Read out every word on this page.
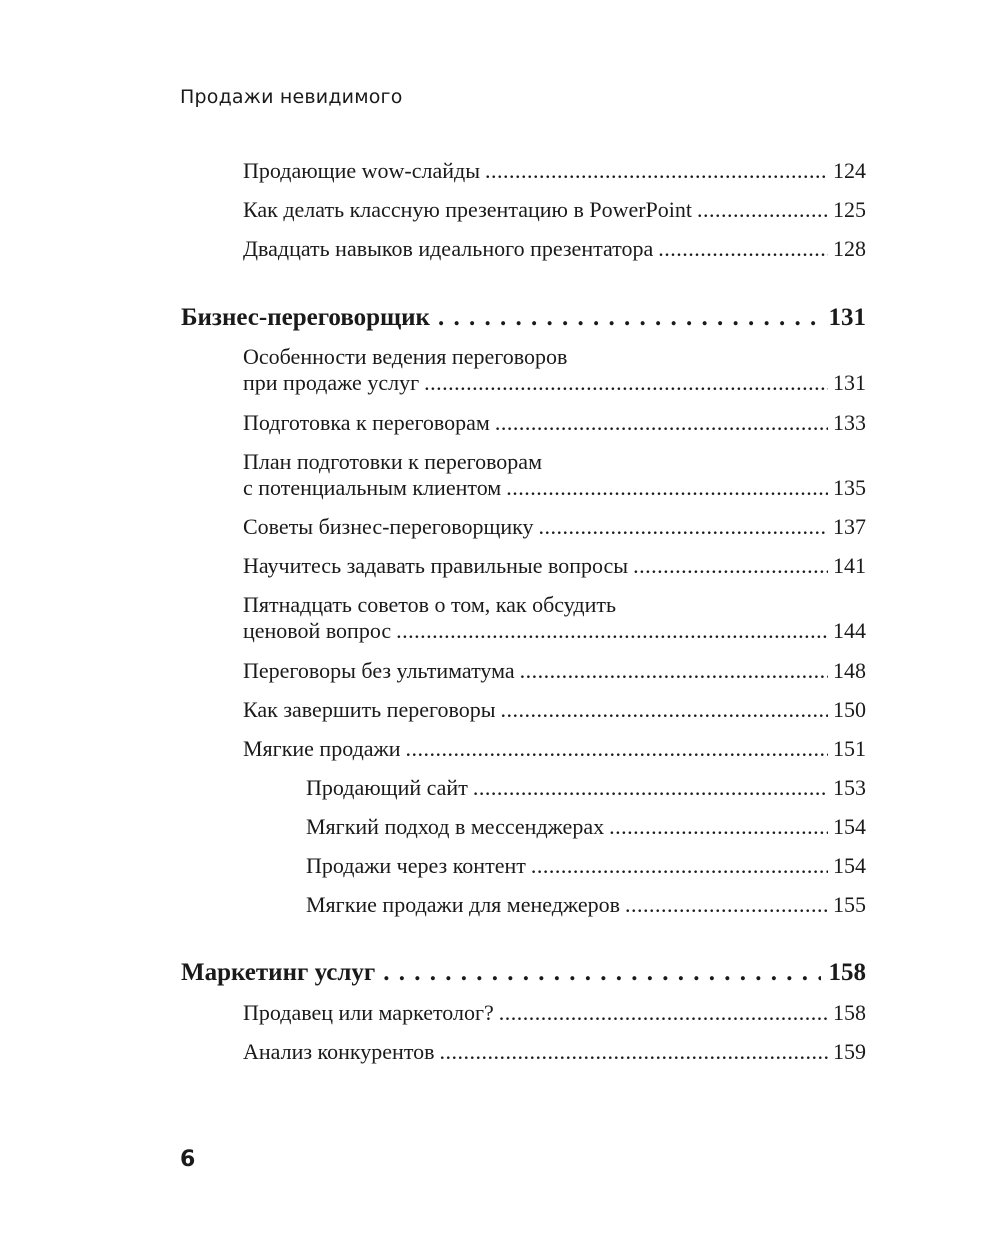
Продажи невидимого
Продающие wow-слайды .....	124
Как делать классную презентацию в PowerPoint .....	125
Двадцать навыков идеального презентатора .....	128
Бизнес-переговорщик . . .	131
Особенности ведения переговоров
при продаже услуг .....	131
Подготовка к переговорам .....	133
План подготовки к переговорам
с потенциальным клиентом .....	135
Советы бизнес-переговорщику .....	137
Научитесь задавать правильные вопросы .....	141
Пятнадцать советов о том, как обсудить
ценовой вопрос .....	144
Переговоры без ультиматума .....	148
Как завершить переговоры .....	150
Мягкие продажи .....	151
Продающий сайт .....	153
Мягкий подход в мессенджерах .....	154
Продажи через контент .....	154
Мягкие продажи для менеджеров .....	155
Маркетинг услуг . . .	158
Продавец или маркетолог? .....	158
Анализ конкурентов .....	159
6
